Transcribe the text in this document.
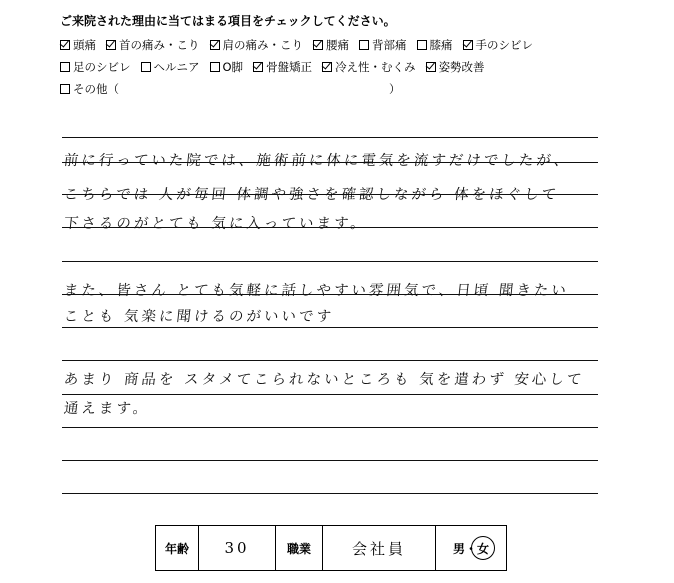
ご来院された理由に当てはまる項目をチェックしてください。
頭痛 首の痛み・こり 肩の痛み・こり 腰痛 背部痛 膝痛 手のシビレ
足のシビレ ヘルニア O脚 骨盤矯正 冷え性・むくみ 姿勢改善
その他（	）
前に行っていた院では、施術前に体に電気を流すだけでしたが、
こちらでは 人が毎回 体調や強さを確認しながら 体をほぐして
下さるのがとても 気に入っています。
また、皆さん とても気軽に話しやすい雰囲気で、日頃 聞きたい
ことも 気楽に聞けるのがいいです
あまり 商品を スタメてこられないところも 気を遣わず 安心して
通えます。
年齢	30	職業	会社員	男・女
